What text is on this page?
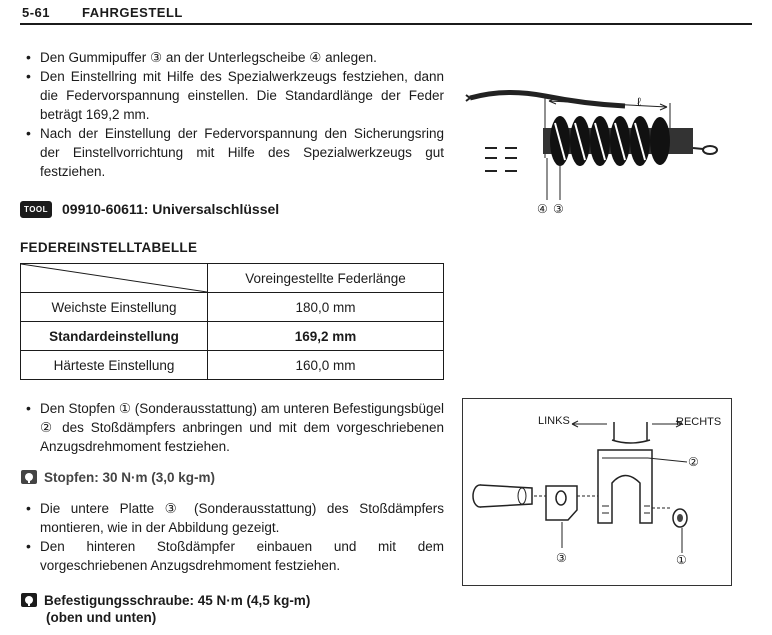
5-61 FAHRGESTELL
• Den Gummipuffer ③ an der Unterlegscheibe ④ anlegen.
• Den Einstellring mit Hilfe des Spezialwerkzeugs festziehen, dann die Federvorspannung einstellen. Die Standardlänge der Feder beträgt 169,2 mm.
• Nach der Einstellung der Federvorspannung den Sicherungsring der Einstellvorrichtung mit Hilfe des Spezialwerkzeugs gut festziehen.
TOOL 09910-60611: Universalschlüssel
ℓ
④ ③
FEDEREINSTELLTABELLE
	Voreingestellte Federlänge
Weichste Einstellung	180,0 mm
Standardeinstellung	169,2 mm
Härteste Einstellung	160,0 mm
• Den Stopfen ① (Sonderausstattung) am unteren Befestigungsbügel ② des Stoßdämpfers anbringen und mit dem vorgeschriebenen Anzugsdrehmoment festziehen.
Stopfen: 30 N·m (3,0 kg-m)
• Die untere Platte ③ (Sonderausstattung) des Stoßdämpfers montieren, wie in der Abbildung gezeigt.
• Den hinteren Stoßdämpfer einbauen und mit dem vorgeschriebenen Anzugsdrehmoment festziehen.
Befestigungsschraube: 45 N·m (4,5 kg-m)
(oben und unten)
LINKS	RECHTS
②
③	①
